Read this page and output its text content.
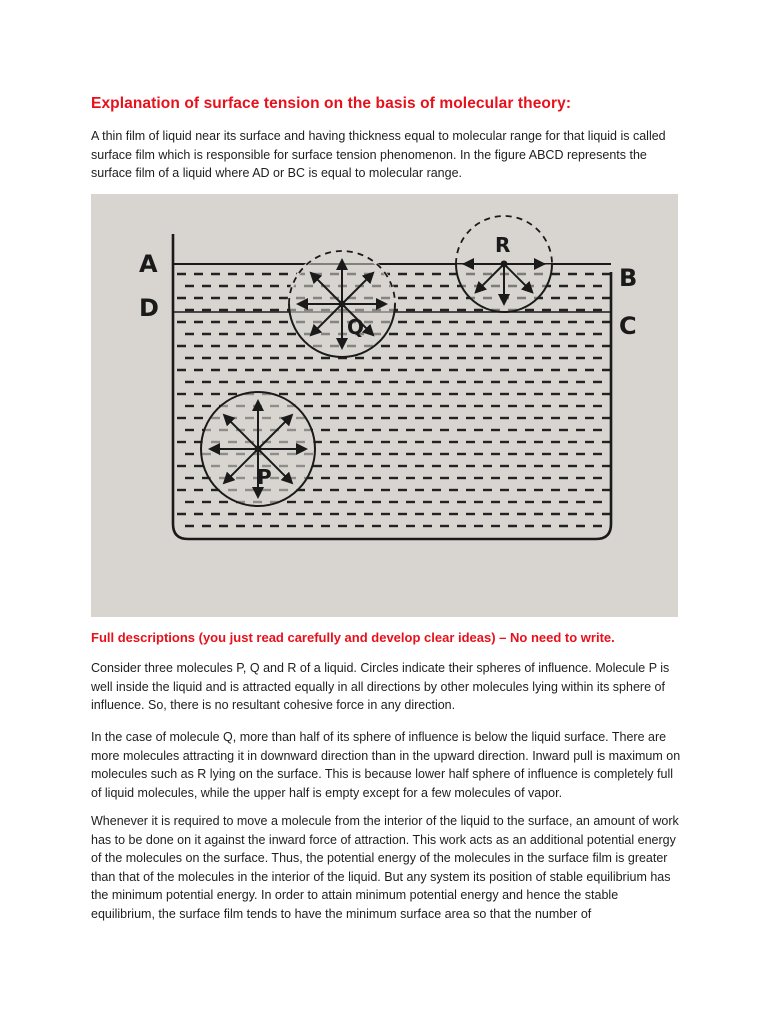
Explanation of surface tension on the basis of molecular theory:

A thin film of liquid near its surface and having thickness equal to molecular range for that liquid is called surface film which is responsible for surface tension phenomenon. In the figure ABCD represents the surface film of a liquid where AD or BC is equal to molecular range.

A
D
B
C
Q
R
P
Full descriptions (you just read carefully and develop clear ideas) – No need to write.

Consider three molecules P, Q and R of a liquid. Circles indicate their spheres of influence. Molecule P is well inside the liquid and is attracted equally in all directions by other molecules lying within its sphere of influence. So, there is no resultant cohesive force in any direction.

In the case of molecule Q, more than half of its sphere of influence is below the liquid surface. There are more molecules attracting it in downward direction than in the upward direction. Inward pull is maximum on molecules such as R lying on the surface. This is because lower half sphere of influence is completely full of liquid molecules, while the upper half is empty except for a few molecules of vapor.

Whenever it is required to move a molecule from the interior of the liquid to the surface, an amount of work has to be done on it against the inward force of attraction. This work acts as an additional potential energy of the molecules on the surface. Thus, the potential energy of the molecules in the surface film is greater than that of the molecules in the interior of the liquid. But any system its position of stable equilibrium has the minimum potential energy. In order to attain minimum potential energy and hence the stable equilibrium, the surface film tends to have the minimum surface area so that the number of
